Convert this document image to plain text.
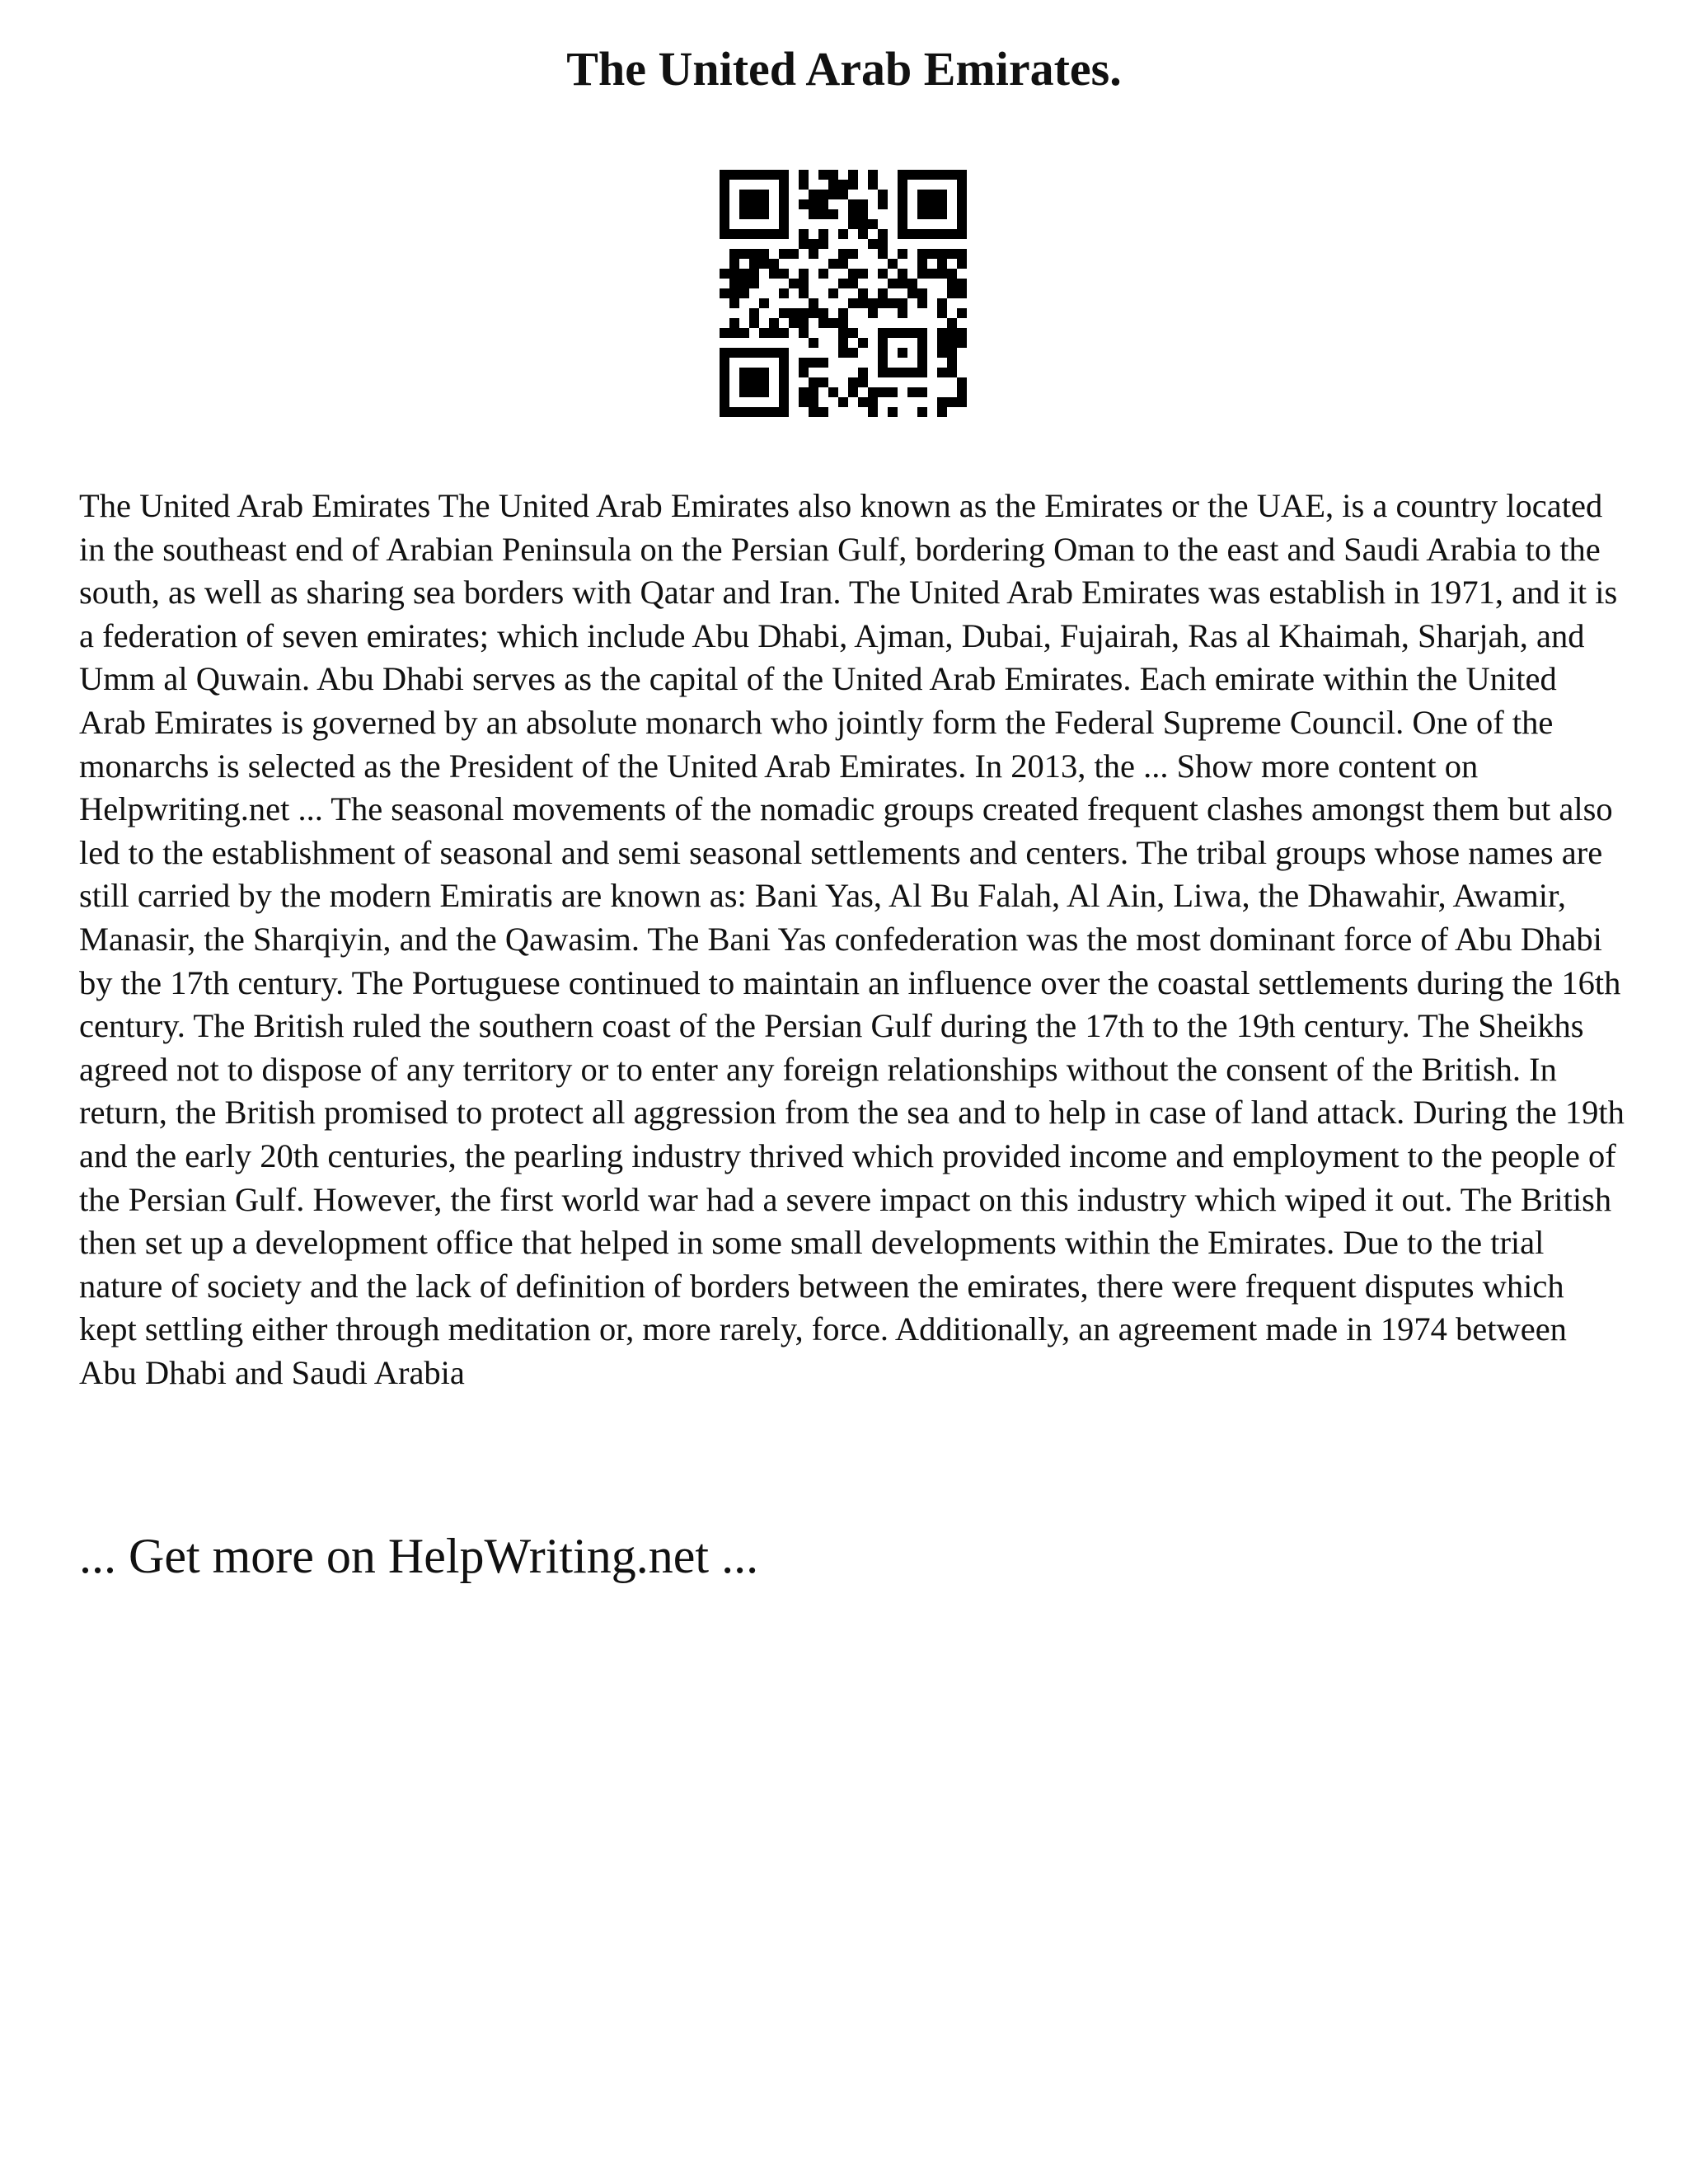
The United Arab Emirates.

The United Arab Emirates The United Arab Emirates also known as the Emirates or the UAE, is a country located in the southeast end of Arabian Peninsula on the Persian Gulf, bordering Oman to the east and Saudi Arabia to the south, as well as sharing sea borders with Qatar and Iran. The United Arab Emirates was establish in 1971, and it is a federation of seven emirates; which include Abu Dhabi, Ajman, Dubai, Fujairah, Ras al Khaimah, Sharjah, and Umm al Quwain. Abu Dhabi serves as the capital of the United Arab Emirates. Each emirate within the United Arab Emirates is governed by an absolute monarch who jointly form the Federal Supreme Council. One of the monarchs is selected as the President of the United Arab Emirates. In 2013, the ... Show more content on Helpwriting.net ... The seasonal movements of the nomadic groups created frequent clashes amongst them but also led to the establishment of seasonal and semi seasonal settlements and centers. The tribal groups whose names are still carried by the modern Emiratis are known as: Bani Yas, Al Bu Falah, Al Ain, Liwa, the Dhawahir, Awamir, Manasir, the Sharqiyin, and the Qawasim. The Bani Yas confederation was the most dominant force of Abu Dhabi by the 17th century. The Portuguese continued to maintain an influence over the coastal settlements during the 16th century. The British ruled the southern coast of the Persian Gulf during the 17th to the 19th century. The Sheikhs agreed not to dispose of any territory or to enter any foreign relationships without the consent of the British. In return, the British promised to protect all aggression from the sea and to help in case of land attack. During the 19th and the early 20th centuries, the pearling industry thrived which provided income and employment to the people of the Persian Gulf. However, the first world war had a severe impact on this industry which wiped it out. The British then set up a development office that helped in some small developments within the Emirates. Due to the trial nature of society and the lack of definition of borders between the emirates, there were frequent disputes which kept settling either through meditation or, more rarely, force. Additionally, an agreement made in 1974 between Abu Dhabi and Saudi Arabia

... Get more on HelpWriting.net ...
